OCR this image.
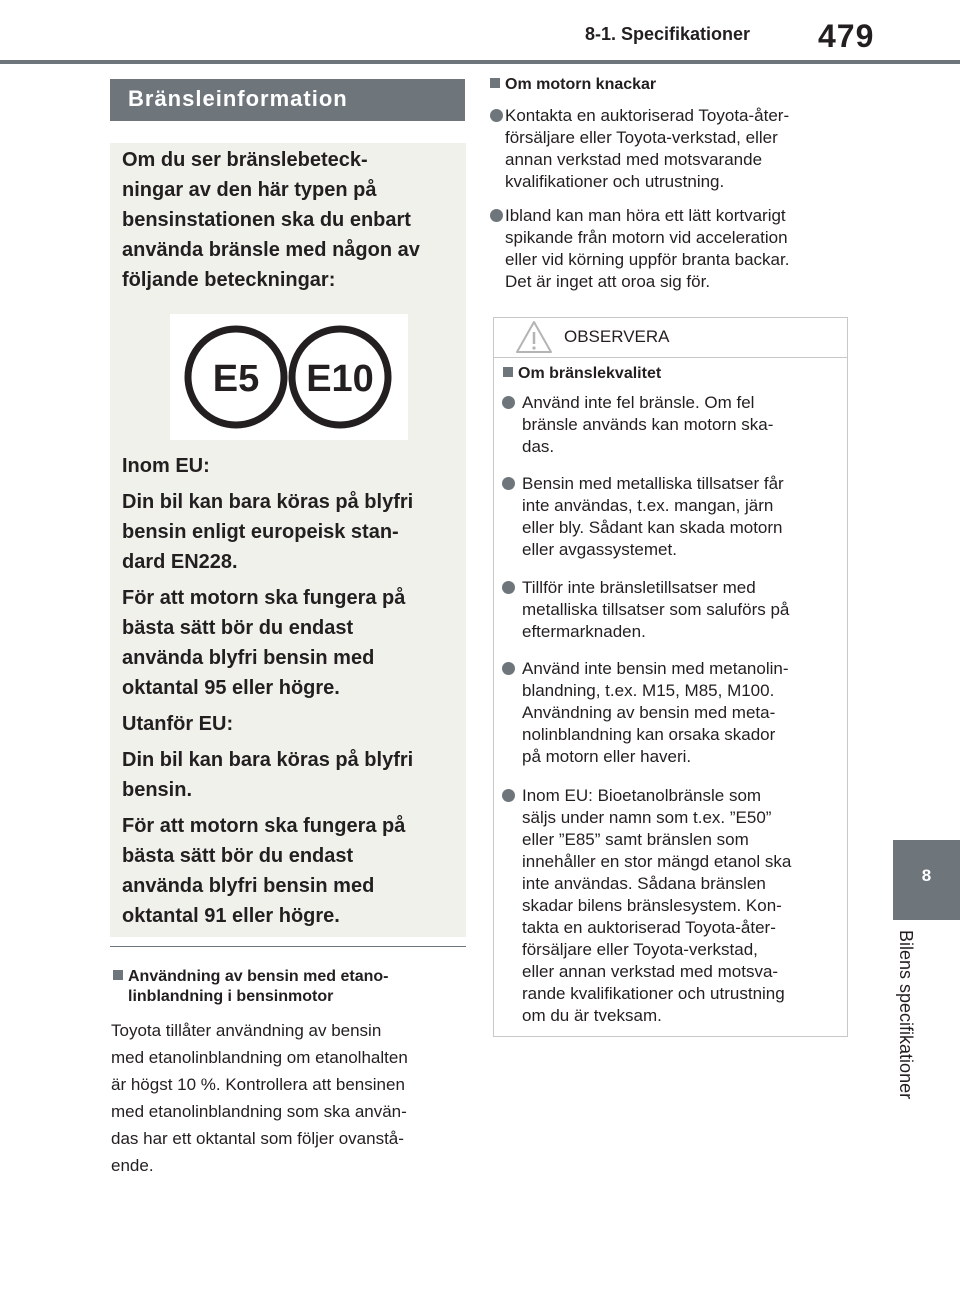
8-1. Specifikationer 479
8
Bilens specifikationer
Bränsleinformation

Om du ser bränslebeteck-

ningar av den här typen på

bensinstationen ska du enbart

använda bränsle med någon av

följande beteckningar:

E5 E10

Inom EU:

Din bil kan bara köras på blyfri

bensin enligt europeisk stan-

dard EN228.

För att motorn ska fungera på

bästa sätt bör du endast

använda blyfri bensin med

oktantal 95 eller högre.

Utanför EU:

Din bil kan bara köras på blyfri

bensin.

För att motorn ska fungera på

bästa sätt bör du endast

använda blyfri bensin med

oktantal 91 eller högre.

Användning av bensin med etano-
linblandning i bensinmotor
Toyota tillåter användning av bensin
med etanolinblandning om etanolhalten
är högst 10 %. Kontrollera att bensinen
med etanolinblandning som ska använ-
das har ett oktantal som följer ovanstå-
ende.
Om motorn knackar
Kontakta en auktoriserad Toyota-åter-
försäljare eller Toyota-verkstad, eller
annan verkstad med motsvarande
kvalifikationer och utrustning.
Ibland kan man höra ett lätt kortvarigt
spikande från motorn vid acceleration
eller vid körning uppför branta backar.
Det är inget att oroa sig för.
OBSERVERA
Om bränslekvalitet
Använd inte fel bränsle. Om fel
bränsle används kan motorn ska-
das.
Bensin med metalliska tillsatser får
inte användas, t.ex. mangan, järn
eller bly. Sådant kan skada motorn
eller avgassystemet.
Tillför inte bränsletillsatser med
metalliska tillsatser som saluförs på
eftermarknaden.
Använd inte bensin med metanolin-
blandning, t.ex. M15, M85, M100.
Användning av bensin med meta-
nolinblandning kan orsaka skador
på motorn eller haveri.
Inom EU: Bioetanolbränsle som
säljs under namn som t.ex. ”E50”
eller ”E85” samt bränslen som
innehåller en stor mängd etanol ska
inte användas. Sådana bränslen
skadar bilens bränslesystem. Kon-
takta en auktoriserad Toyota-åter-
försäljare eller Toyota-verkstad,
eller annan verkstad med motsva-
rande kvalifikationer och utrustning
om du är tveksam.
